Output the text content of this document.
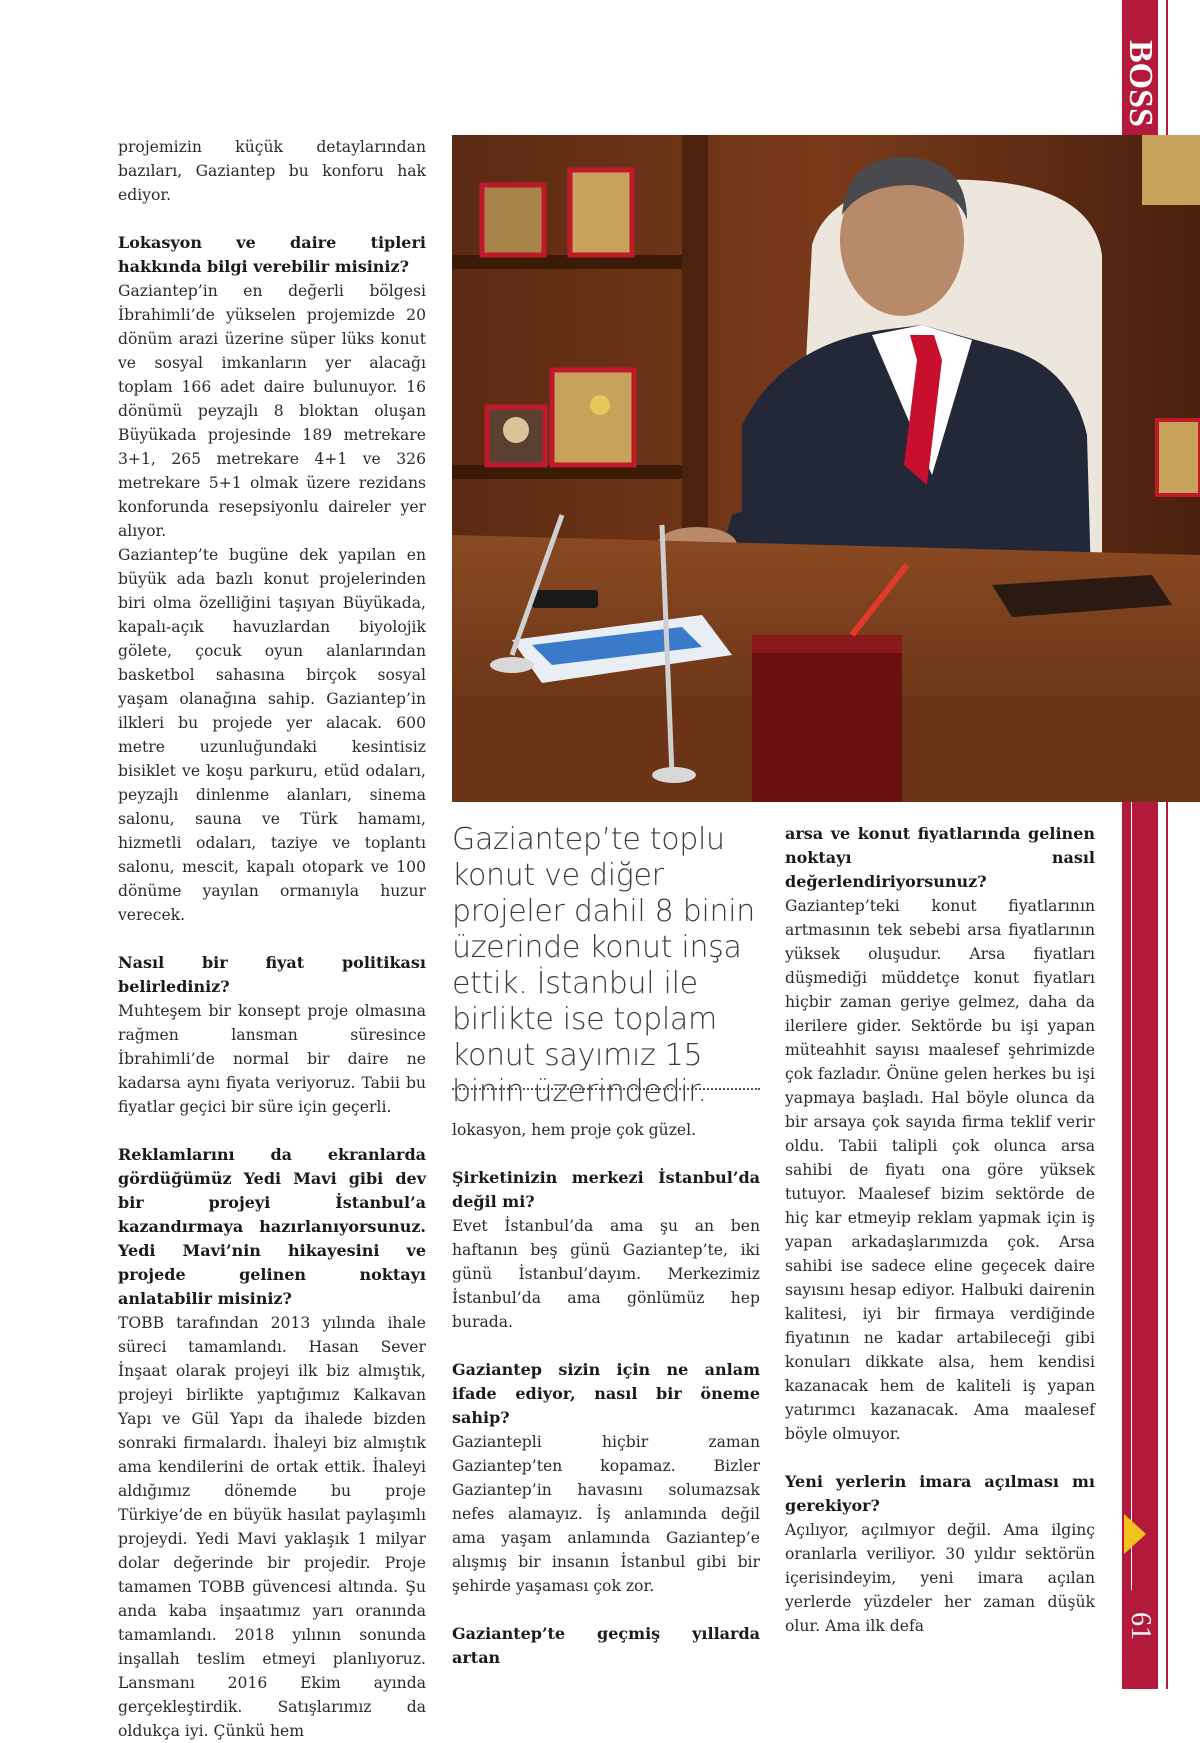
BOSS
61

projemizin küçük detaylarından bazıları, Gaziantep bu konforu hak ediyor.

Lokasyon ve daire tipleri hakkında bilgi verebilir misiniz?

Gaziantep’in en değerli bölgesi İbrahimli’de yükselen projemizde 20 dönüm arazi üzerine süper lüks konut ve sosyal imkanların yer alacağı toplam 166 adet daire bulunuyor. 16 dönümü peyzajlı 8 bloktan oluşan Büyükada projesinde 189 metrekare 3+1, 265 metrekare 4+1 ve 326 metrekare 5+1 olmak üzere rezidans konforunda resepsiyonlu daireler yer alıyor.

Gaziantep’te bugüne dek yapılan en büyük ada bazlı konut projelerinden biri olma özelliğini taşıyan Büyükada, kapalı-açık havuzlardan biyolojik gölete, çocuk oyun alanlarından basketbol sahasına birçok sosyal yaşam olanağına sahip. Gaziantep’in ilkleri bu projede yer alacak. 600 metre uzunluğundaki kesintisiz bisiklet ve koşu parkuru, etüd odaları, peyzajlı dinlenme alanları, sinema salonu, sauna ve Türk hamamı, hizmetli odaları, taziye ve toplantı salonu, mescit, kapalı otopark ve 100 dönüme yayılan ormanıyla huzur verecek.

Nasıl bir fiyat politikası belirlediniz?

Muhteşem bir konsept proje olmasına rağmen lansman süresince İbrahimli’de normal bir daire ne kadarsa aynı fiyata veriyoruz. Tabii bu fiyatlar geçici bir süre için geçerli.

Reklamlarını da ekranlarda gördüğümüz Yedi Mavi gibi dev bir projeyi İstanbul’a kazandırmaya hazırlanıyorsunuz. Yedi Mavi’nin hikayesini ve projede gelinen noktayı anlatabilir misiniz?

TOBB tarafından 2013 yılında ihale süreci tamamlandı. Hasan Sever İnşaat olarak projeyi ilk biz almıştık, projeyi birlikte yaptığımız Kalkavan Yapı ve Gül Yapı da ihalede bizden sonraki firmalardı. İhaleyi biz almıştık ama kendilerini de ortak ettik. İhaleyi aldığımız dönemde bu proje Türkiye’de en büyük hasılat paylaşımlı projeydi. Yedi Mavi yaklaşık 1 milyar dolar değerinde bir projedir. Proje tamamen TOBB güvencesi altında. Şu anda kaba inşaatımız yarı oranında tamamlandı. 2018 yılının sonunda inşallah teslim etmeyi planlıyoruz. Lansmanı 2016 Ekim ayında gerçekleştirdik. Satışlarımız da oldukça iyi. Çünkü hem

Gaziantep’te toplu konut ve diğer projeler dahil 8 binin üzerinde konut inşa ettik. İstanbul ile birlikte ise toplam konut sayımız 15 binin üzerindedir.

lokasyon, hem proje çok güzel.

Şirketinizin merkezi İstanbul’da değil mi?

Evet İstanbul’da ama şu an ben haftanın beş günü Gaziantep’te, iki günü İstanbul’dayım. Merkezimiz İstanbul’da ama gönlümüz hep burada.

Gaziantep sizin için ne anlam ifade ediyor, nasıl bir öneme sahip?

Gaziantepli hiçbir zaman Gaziantep’ten kopamaz. Bizler Gaziantep’in havasını solumazsak nefes alamayız. İş anlamında değil ama yaşam anlamında Gaziantep’e alışmış bir insanın İstanbul gibi bir şehirde yaşaması çok zor.

Gaziantep’te geçmiş yıllarda artan
arsa ve konut fiyatlarında gelinen noktayı nasıl değerlendiriyorsunuz?

Gaziantep’teki konut fiyatlarının artmasının tek sebebi arsa fiyatlarının yüksek oluşudur. Arsa fiyatları düşmediği müddetçe konut fiyatları hiçbir zaman geriye gelmez, daha da ilerilere gider. Sektörde bu işi yapan müteahhit sayısı maalesef şehrimizde çok fazladır. Önüne gelen herkes bu işi yapmaya başladı. Hal böyle olunca da bir arsaya çok sayıda firma teklif verir oldu. Tabii talipli çok olunca arsa sahibi de fiyatı ona göre yüksek tutuyor. Maalesef bizim sektörde de hiç kar etmeyip reklam yapmak için iş yapan arkadaşlarımızda çok. Arsa sahibi ise sadece eline geçecek daire sayısını hesap ediyor. Halbuki dairenin kalitesi, iyi bir firmaya verdiğinde fiyatının ne kadar artabileceği gibi konuları dikkate alsa, hem kendisi kazanacak hem de kaliteli iş yapan yatırımcı kazanacak. Ama maalesef böyle olmuyor.

Yeni yerlerin imara açılması mı gerekiyor?

Açılıyor, açılmıyor değil. Ama ilginç oranlarla veriliyor. 30 yıldır sektörün içerisindeyim, yeni imara açılan yerlerde yüzdeler her zaman düşük olur. Ama ilk defa
